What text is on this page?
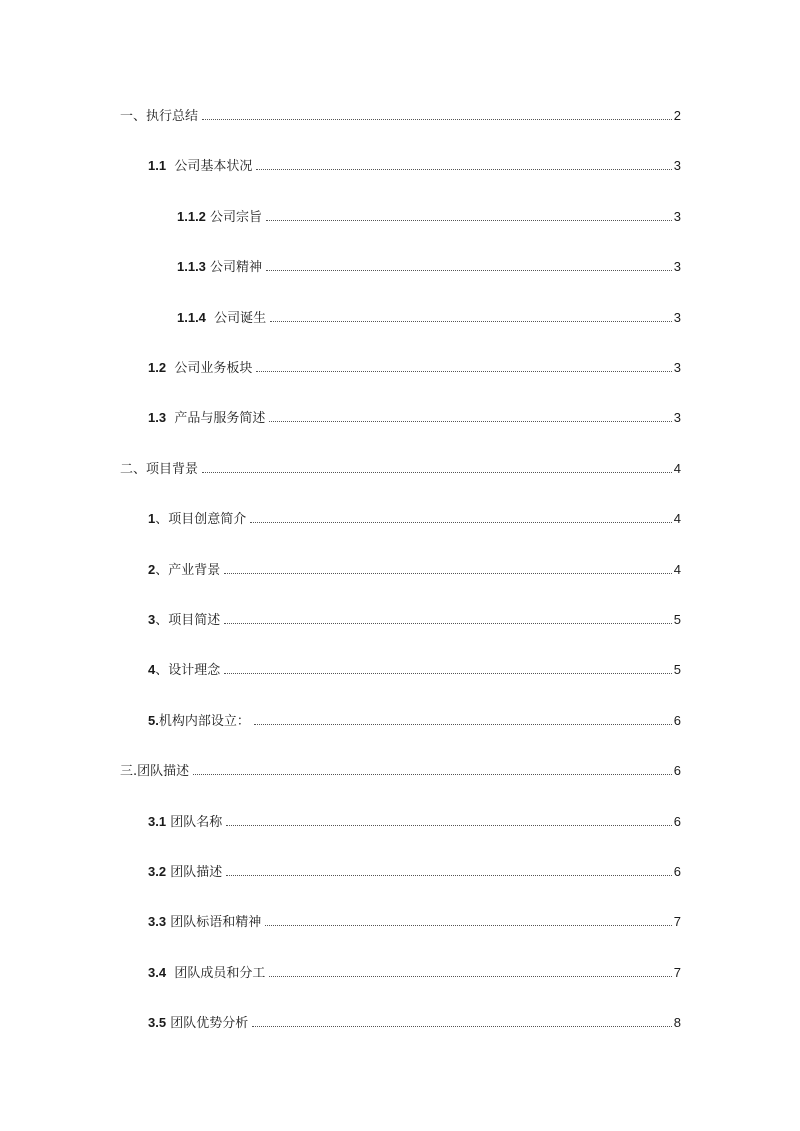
一、执行总结	2
1.1  公司基本状况	3
1.1.2 公司宗旨	3
1.1.3 公司精神	3
1.1.4  公司诞生	3
1.2  公司业务板块	3
1.3  产品与服务简述	3
二、项目背景	4
1、项目创意简介	4
2、产业背景	4
3、项目简述	5
4、设计理念	5
5.机构内部设立：	6
三.团队描述	6
3.1 团队名称	6
3.2 团队描述	6
3.3 团队标语和精神	7
3.4  团队成员和分工	7
3.5 团队优势分析	8
